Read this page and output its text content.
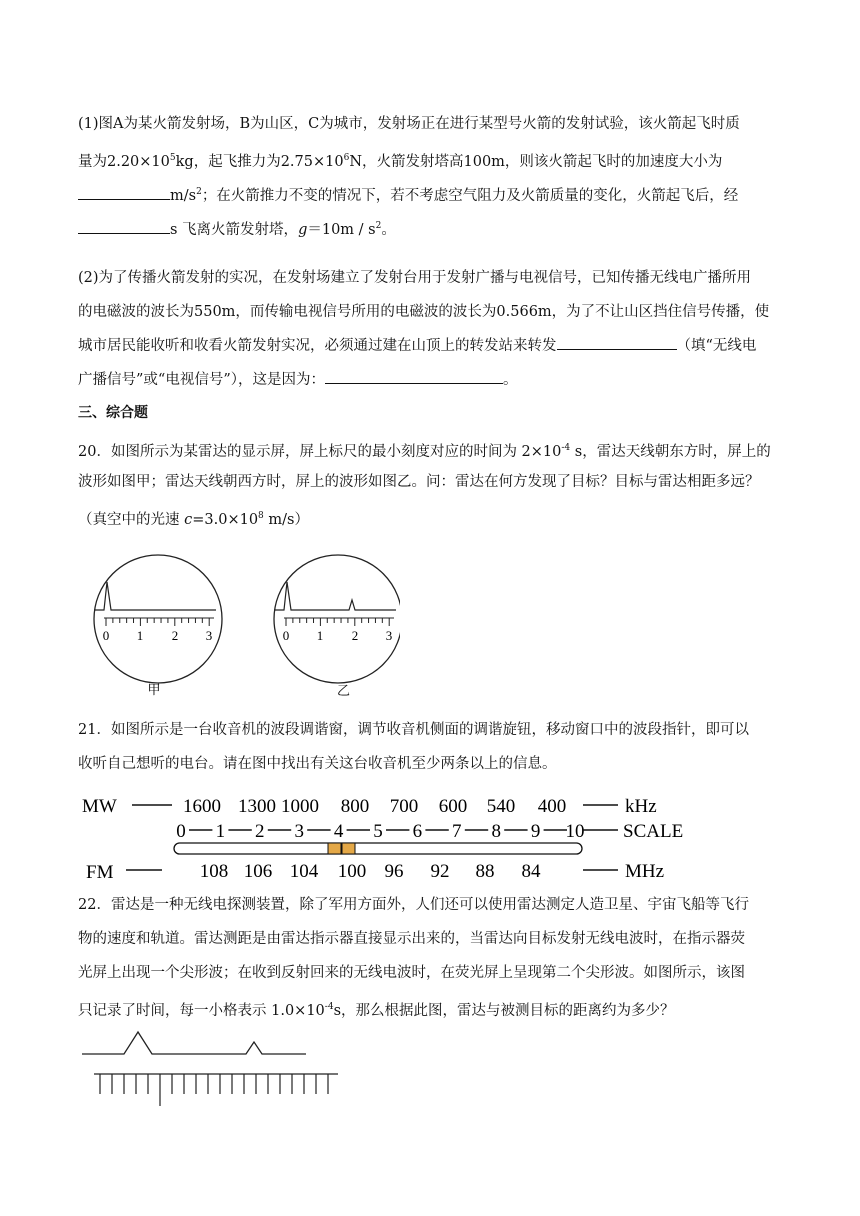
(1)图A为某火箭发射场，B为山区，C为城市，发射场正在进行某型号火箭的发射试验，该火箭起飞时质
量为$2.20\times 10^5kg$，起飞推力为$2.75\times 10^6N$，火箭发射塔高100m，则该火箭起飞时的加速度大小为
$m/s^2$；在火箭推力不变的情况下，若不考虑空气阻力及火箭质量的变化，火箭起飞后，经
s 飞离火箭发射塔，$g=10m / s^2$。
(2)为了传播火箭发射的实况，在发射场建立了发射台用于发射广播与电视信号，已知传播无线电广播所用
的电磁波的波长为550m，而传输电视信号所用的电磁波的波长为0.566m，为了不让山区挡住信号传播，使
城市居民能收听和收看火箭发射实况，必须通过建在山顶上的转发站来转发	（填“无线电
广播信号”或“电视信号”），这是因为：	。
三、综合题
20．如图所示为某雷达的显示屏，屏上标尺的最小刻度对应的时间为 $2\times 10^{-4}$ s，雷达天线朝东方时，屏上的
波形如图甲；雷达天线朝西方时，屏上的波形如图乙。问：雷达在何方发现了目标？目标与雷达相距多远？
（真空中的光速 $c=3.0\times 10^8$ m/s）
0 1 2 3
甲
0 1 2 3
乙
21．如图所示是一台收音机的波段调谐窗，调节收音机侧面的调谐旋钮，移动窗口中的波段指针，即可以
收听自己想听的电台。请在图中找出有关这台收音机至少两条以上的信息。
MW	1600 1300 1000 800 700 600 540 400	kHz
0 1 2 3 4 5 6 7 8 9 10 SCALE
FM	108 106 104 100 96 92 88 84	MHz
22．雷达是一种无线电探测装置，除了军用方面外，人们还可以使用雷达测定人造卫星、宇宙飞船等飞行
物的速度和轨道。雷达测距是由雷达指示器直接显示出来的，当雷达向目标发射无线电波时，在指示器荧
光屏上出现一个尖形波；在收到反射回来的无线电波时，在荧光屏上呈现第二个尖形波。如图所示，该图
只记录了时间，每一小格表示 $1.0\times 10^{-4}s$，那么根据此图，雷达与被测目标的距离约为多少？
